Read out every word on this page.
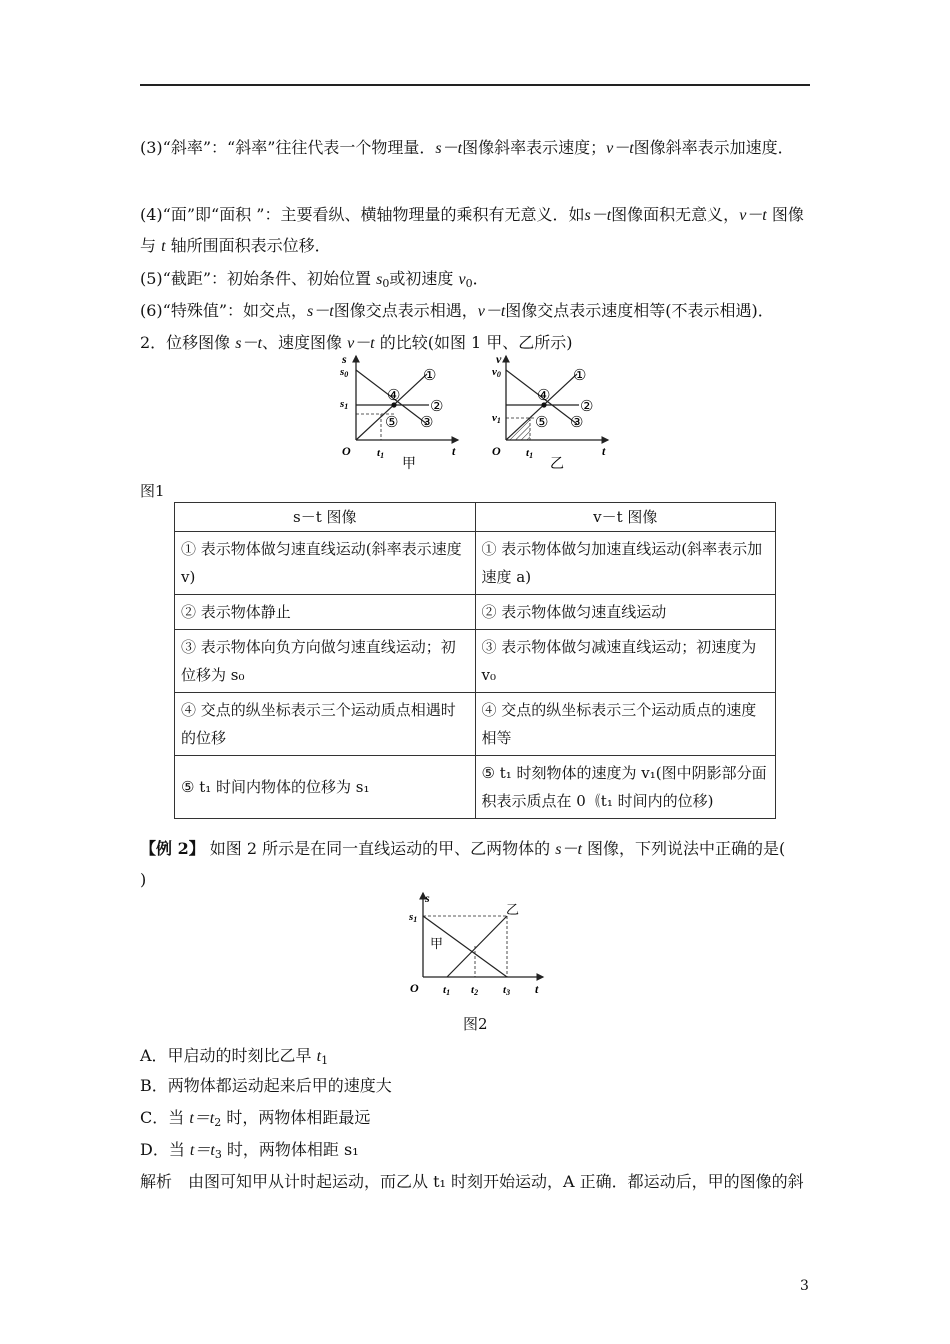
(3)“斜率”：“斜率”往往代表一个物理量．s－t图像斜率表示速度；v－t图像斜率表示加速度．

(4)“面”即“面积 ”：主要看纵、横轴物理量的乘积有无意义．如s－t图像面积无意义，v－t 图像与 t 轴所围面积表示位移．

(5)“截距”：初始条件、初始位置 $s_0$或初速度 $v_0$．

(6)“特殊值”：如交点，s－t图像交点表示相遇，v－t图像交点表示速度相等(不表示相遇)．

2．位移图像 s－t、速度图像 v－t 的比较(如图 1 甲、乙所示)

s
s0
s1
O t1	t
①
②
③
④
⑤
甲
v
v0
v1
O t1	t
①
②
③
④
⑤
乙
图1
s－t 图像	v－t 图像
① 表示物体做匀速直线运动(斜率表示速度 v)	① 表示物体做匀加速直线运动(斜率表示加速度 a)
② 表示物体静止	② 表示物体做匀速直线运动
③ 表示物体向负方向做匀速直线运动；初位移为 s₀	③ 表示物体做匀减速直线运动；初速度为 v₀
④ 交点的纵坐标表示三个运动质点相遇时的位移	④ 交点的纵坐标表示三个运动质点的速度相等
⑤ t₁ 时间内物体的位移为 s₁	⑤ t₁ 时刻物体的速度为 v₁(图中阴影部分面积表示质点在 0｟t₁ 时间内的位移)

【例 2】 如图 2 所示是在同一直线运动的甲、乙两物体的 s－t 图像，下列说法中正确的是(
)

s
s1
O t1 t2 t3 t
甲
乙
图2
A．甲启动的时刻比乙早 $t_1$
B．两物体都运动起来后甲的速度大
C．当 $t=t_2$ 时，两物体相距最远
D．当 $t=t_3$ 时，两物体相距 s₁
解析　由图可知甲从计时起运动，而乙从 t₁ 时刻开始运动，A 正确．都运动后，甲的图像的斜
3
